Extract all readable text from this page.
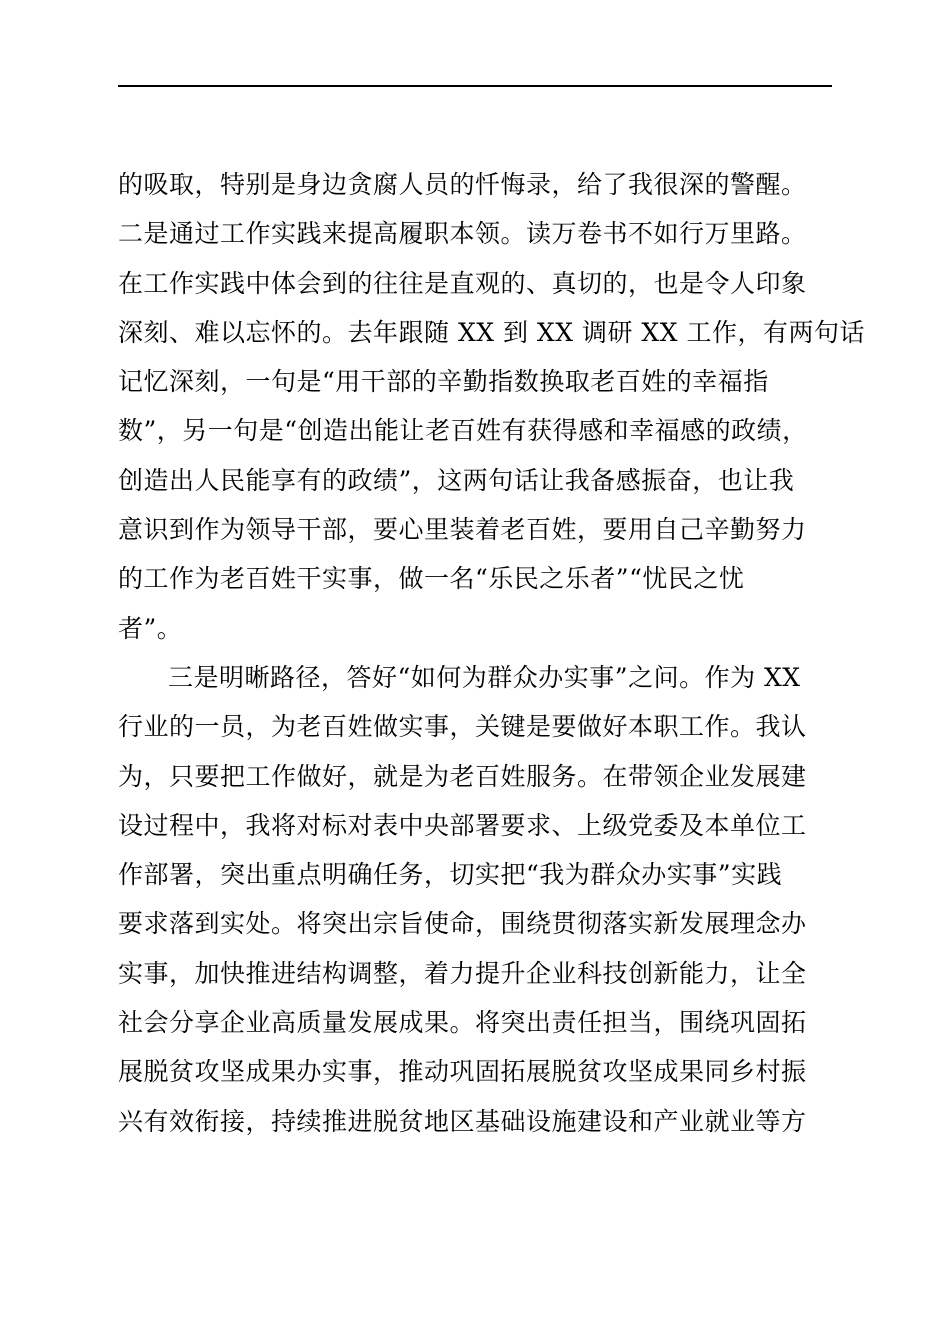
的吸取，特别是身边贪腐人员的忏悔录，给了我很深的警醒。
二是通过工作实践来提高履职本领。读万卷书不如行万里路。
在工作实践中体会到的往往是直观的、真切的，也是令人印象
深刻、难以忘怀的。去年跟随 XX 到 XX 调研 XX 工作，有两句话
记忆深刻，一句是“用干部的辛勤指数换取老百姓的幸福指
数”，另一句是“创造出能让老百姓有获得感和幸福感的政绩，
创造出人民能享有的政绩”，这两句话让我备感振奋，也让我
意识到作为领导干部，要心里装着老百姓，要用自己辛勤努力
的工作为老百姓干实事，做一名“乐民之乐者”“忧民之忧
者”。
三是明晰路径，答好“如何为群众办实事”之问。作为 XX
行业的一员，为老百姓做实事，关键是要做好本职工作。我认
为，只要把工作做好，就是为老百姓服务。在带领企业发展建
设过程中，我将对标对表中央部署要求、上级党委及本单位工
作部署，突出重点明确任务，切实把“我为群众办实事”实践
要求落到实处。将突出宗旨使命，围绕贯彻落实新发展理念办
实事，加快推进结构调整，着力提升企业科技创新能力，让全
社会分享企业高质量发展成果。将突出责任担当，围绕巩固拓
展脱贫攻坚成果办实事，推动巩固拓展脱贫攻坚成果同乡村振
兴有效衔接，持续推进脱贫地区基础设施建设和产业就业等方
